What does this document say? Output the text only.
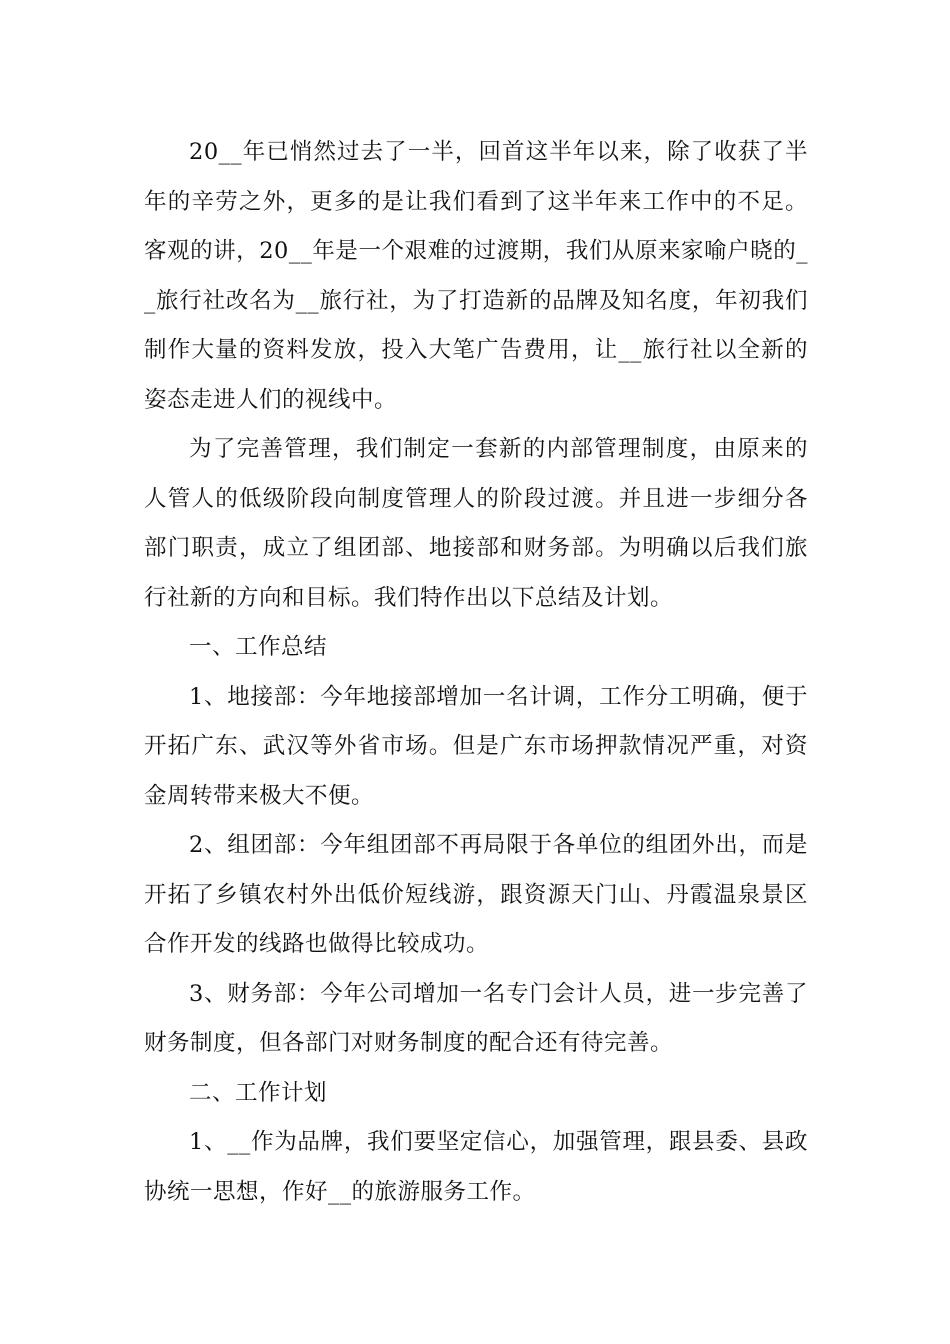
20__年已悄然过去了一半，回首这半年以来，除了收获了半年的辛劳之外，更多的是让我们看到了这半年来工作中的不足。客观的讲，20__年是一个艰难的过渡期，我们从原来家喻户晓的__旅行社改名为__旅行社，为了打造新的品牌及知名度，年初我们制作大量的资料发放，投入大笔广告费用，让__旅行社以全新的姿态走进人们的视线中。

为了完善管理，我们制定一套新的内部管理制度，由原来的人管人的低级阶段向制度管理人的阶段过渡。并且进一步细分各部门职责，成立了组团部、地接部和财务部。为明确以后我们旅行社新的方向和目标。我们特作出以下总结及计划。

一、工作总结

1、地接部：今年地接部增加一名计调，工作分工明确，便于开拓广东、武汉等外省市场。但是广东市场押款情况严重，对资金周转带来极大不便。

2、组团部：今年组团部不再局限于各单位的组团外出，而是开拓了乡镇农村外出低价短线游，跟资源天门山、丹霞温泉景区合作开发的线路也做得比较成功。

3、财务部：今年公司增加一名专门会计人员，进一步完善了财务制度，但各部门对财务制度的配合还有待完善。

二、工作计划

1、__作为品牌，我们要坚定信心，加强管理，跟县委、县政协统一思想，作好__的旅游服务工作。
